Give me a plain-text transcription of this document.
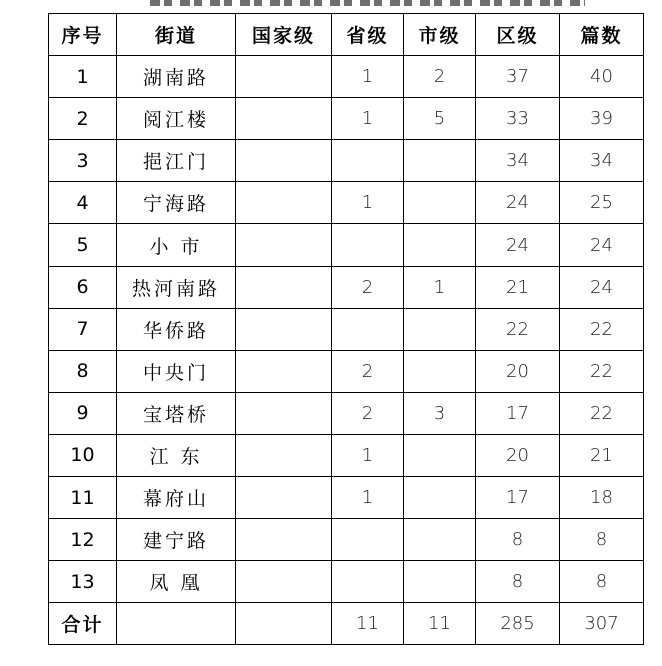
序号	街道	国家级	省级	市级	区级	篇数
1	湖南路		1	2	37	40
2	阅江楼		1	5	33	39
3	挹江门				34	34
4	宁海路		1		24	25
5	小 市				24	24
6	热河南路		2	1	21	24
7	华侨路				22	22
8	中央门		2		20	22
9	宝塔桥		2	3	17	22
10	江 东		1		20	21
11	幕府山		1		17	18
12	建宁路				8	8
13	凤 凰				8	8
合计			11	11	285	307
